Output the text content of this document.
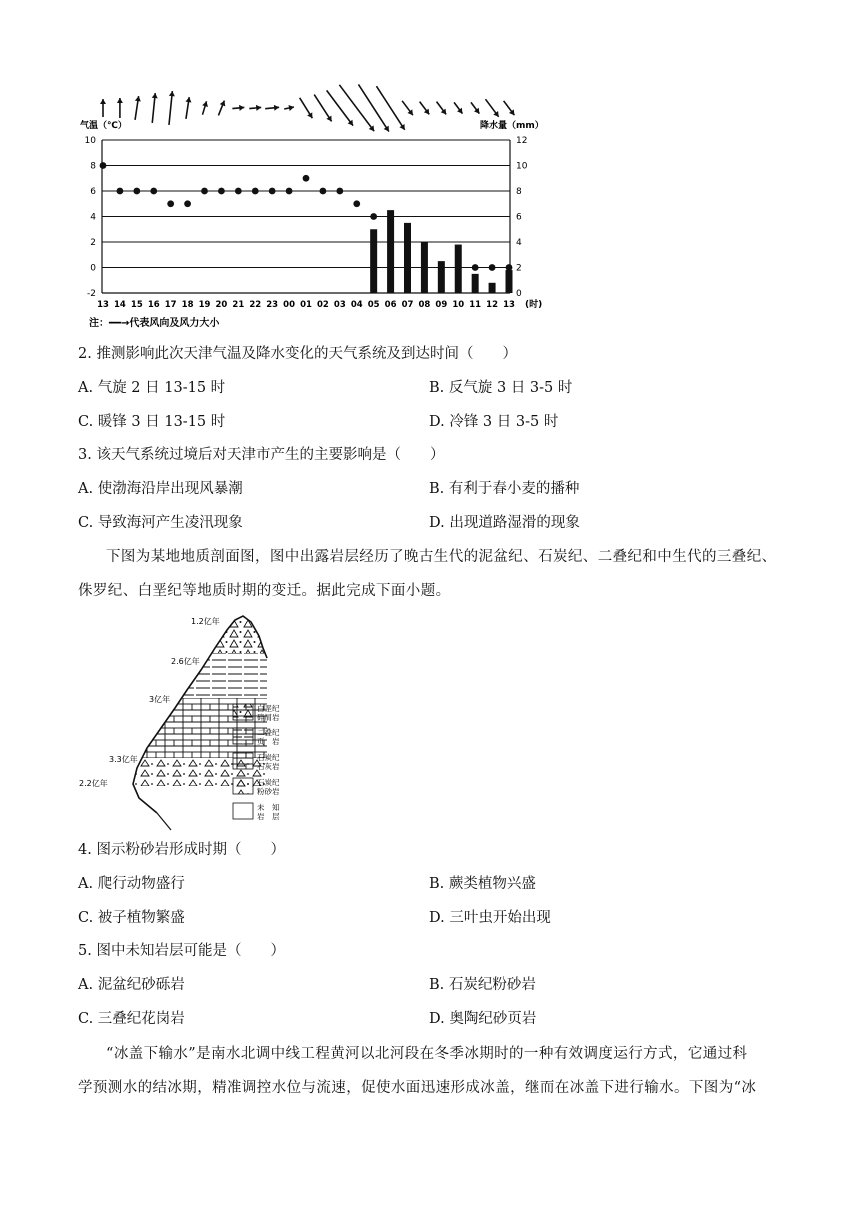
气温（℃）	降水量（mm）
10
8
6
4
2
0
-2
12
10
8
6
4
2
0
13 14 15 16 17 18 19 20 21 22 23 00 01 02 03 04 05 06 07 08 09 10 11 12 13 (时)
注：━━→代表风向及风力大小
2. 推测影响此次天津气温及降水变化的天气系统及到达时间（　　）
A. 气旋 2 日 13-15 时	B. 反气旋 3 日 3-5 时
C. 暖锋 3 日 13-15 时	D. 冷锋 3 日 3-5 时
3. 该天气系统过境后对天津市产生的主要影响是（　　）
A. 使渤海沿岸出现风暴潮	B. 有利于春小麦的播种
C. 导致海河产生凌汛现象	D. 出现道路湿滑的现象
下图为某地地质剖面图，图中出露岩层经历了晚古生代的泥盆纪、石炭纪、二叠纪和中生代的三叠纪、
侏罗纪、白垩纪等地质时期的变迁。据此完成下面小题。
1.2亿年
2.6亿年
3亿年
3.3亿年
2.2亿年
白垩纪
碎屑岩
二叠纪
页　岩
石炭纪
石灰岩
石炭纪
粉砂岩
未　知
岩　层
4. 图示粉砂岩形成时期（　　）
A. 爬行动物盛行	B. 蕨类植物兴盛
C. 被子植物繁盛	D. 三叶虫开始出现
5. 图中未知岩层可能是（　　）
A. 泥盆纪砂砾岩	B. 石炭纪粉砂岩
C. 三叠纪花岗岩	D. 奥陶纪砂页岩
“冰盖下输水”是南水北调中线工程黄河以北河段在冬季冰期时的一种有效调度运行方式，它通过科
学预测水的结冰期，精准调控水位与流速，促使水面迅速形成冰盖，继而在冰盖下进行输水。下图为“冰
